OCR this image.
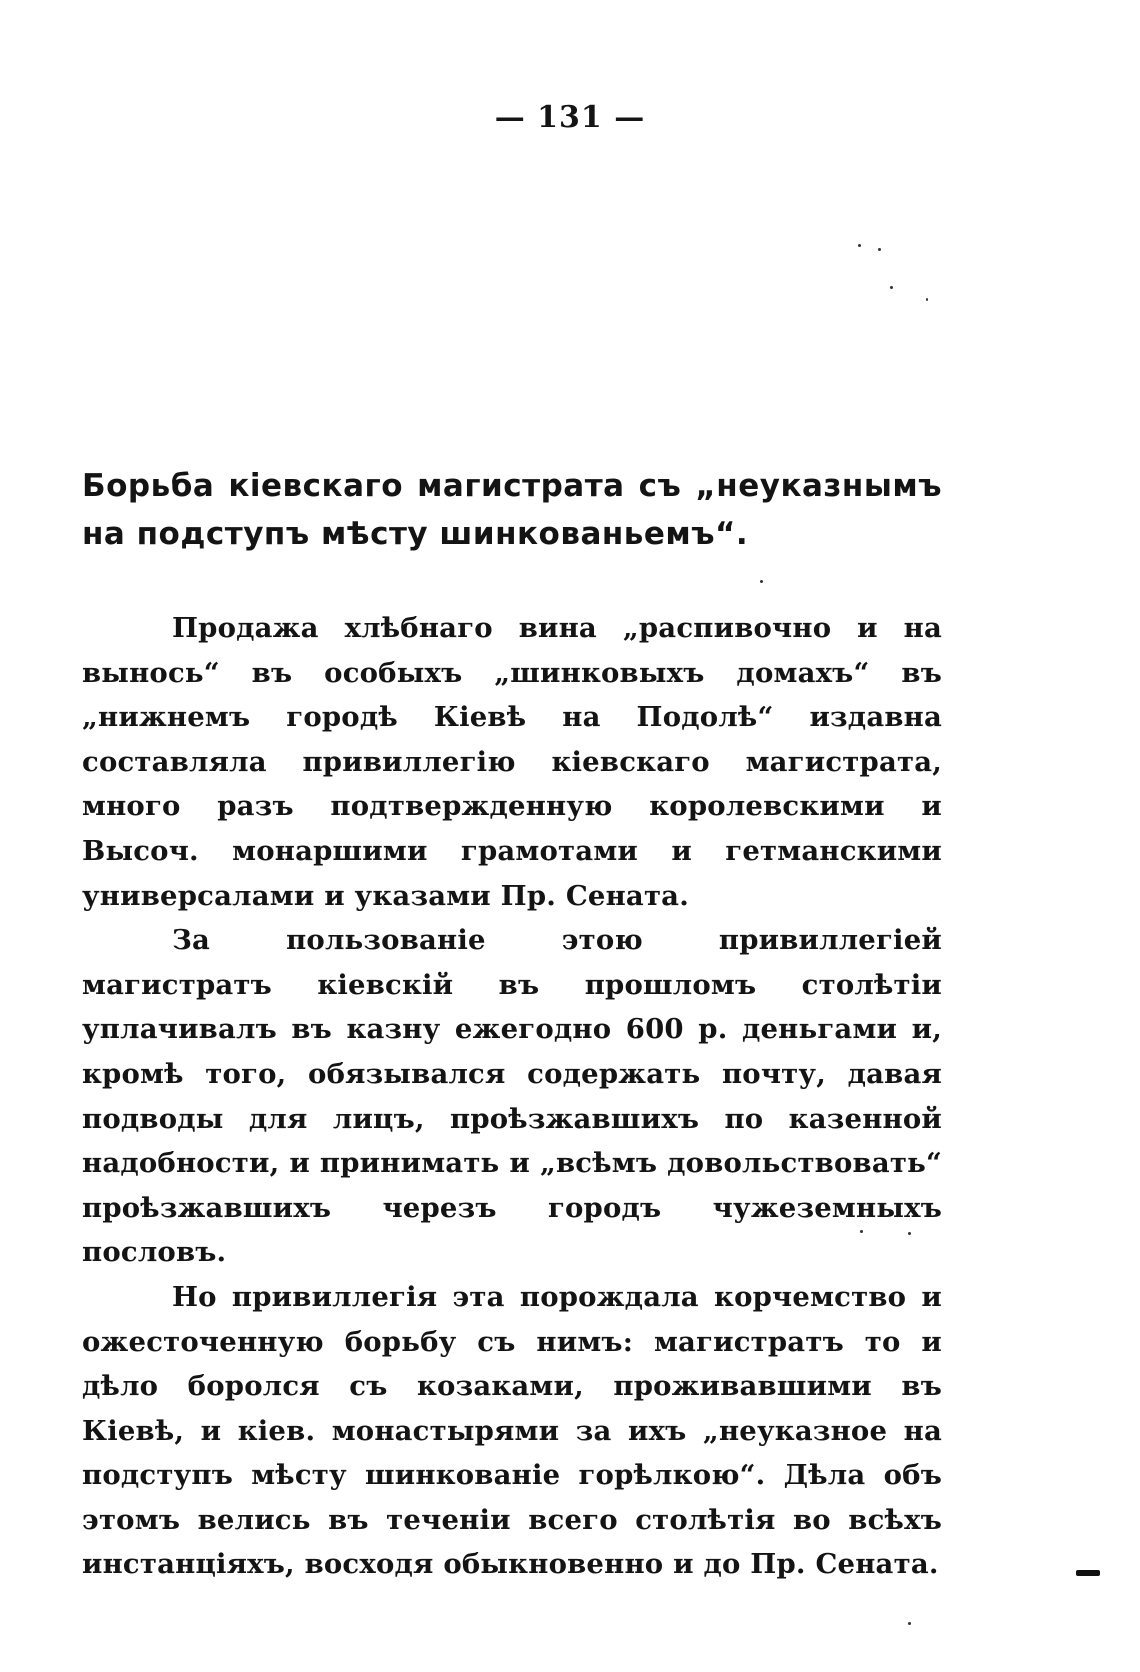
— 131 —
Борьба кіевскаго магистрата съ „неуказнымъ на подступъ мѣсту шинкованьемъ“.

Продажа хлѣбнаго вина „распивочно и на вынось“ въ особыхъ „шинковыхъ домахъ“ въ „нижнемъ городѣ Кіевѣ на Подолѣ“ издавна составляла привиллегію кіевскаго магистрата, много разъ подтвержденную королевскими и Высоч. монаршими грамотами и гетманскими универсалами и указами Пр. Сената.

За пользованіе этою привиллегіей магистратъ кіевскій въ прошломъ столѣтіи уплачивалъ въ казну ежегодно 600 р. деньгами и, кромѣ того, обязывался содержать почту, давая подводы для лицъ, проѣзжавшихъ по казенной надобности, и принимать и „всѣмъ довольствовать“ проѣзжавшихъ черезъ городъ чужеземныхъ пословъ.

Но привиллегія эта порождала корчемство и ожесточенную борьбу съ нимъ: магистратъ то и дѣло боролся съ козаками, проживавшими въ Кіевѣ, и кіев. монастырями за ихъ „неуказное на подступъ мѣсту шинкованіе горѣлкою“. Дѣла объ этомъ велись въ теченіи всего столѣтія во всѣхъ инстанціяхъ, восходя обыкновенно и до Пр. Сената.
